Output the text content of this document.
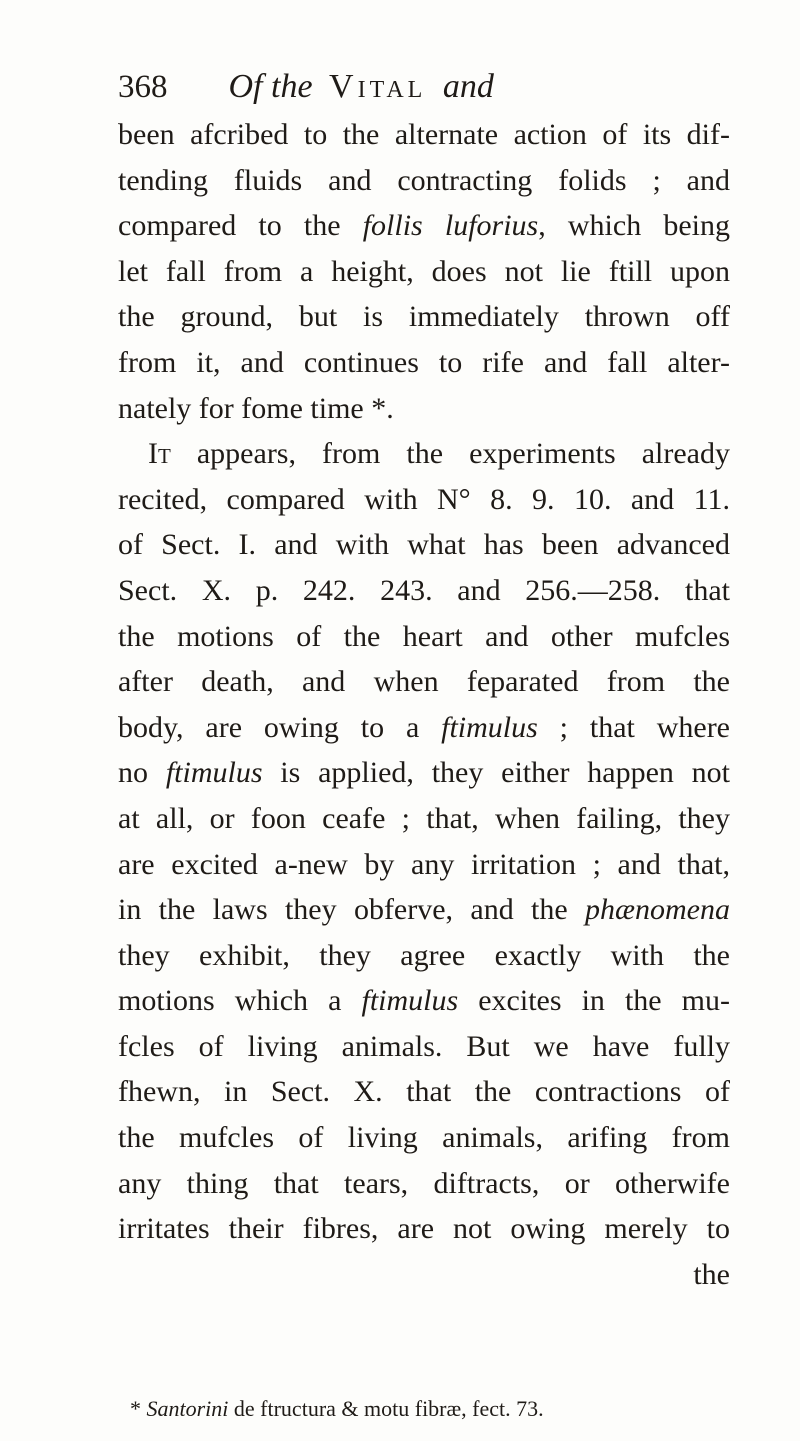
368 Of the Vital and
been afcribed to the alternate action of its dif-
tending fluids and contracting folids ; and
compared to the follis luforius, which being
let fall from a height, does not lie ftill upon
the ground, but is immediately thrown off
from it, and continues to rife and fall alter-
nately for fome time *.
It appears, from the experiments already
recited, compared with N° 8. 9. 10. and 11.
of Sect. I. and with what has been advanced
Sect. X. p. 242. 243. and 256.—258. that
the motions of the heart and other mufcles
after death, and when feparated from the
body, are owing to a ftimulus ; that where
no ftimulus is applied, they either happen not
at all, or foon ceafe ; that, when failing, they
are excited a-new by any irritation ; and that,
in the laws they obferve, and the phænomena
they exhibit, they agree exactly with the
motions which a ftimulus excites in the mu-
fcles of living animals. But we have fully
fhewn, in Sect. X. that the contractions of
the mufcles of living animals, arifing from
any thing that tears, diftracts, or otherwife
irritates their fibres, are not owing merely to
the
* Santorini de ftructura & motu fibræ, fect. 73.
